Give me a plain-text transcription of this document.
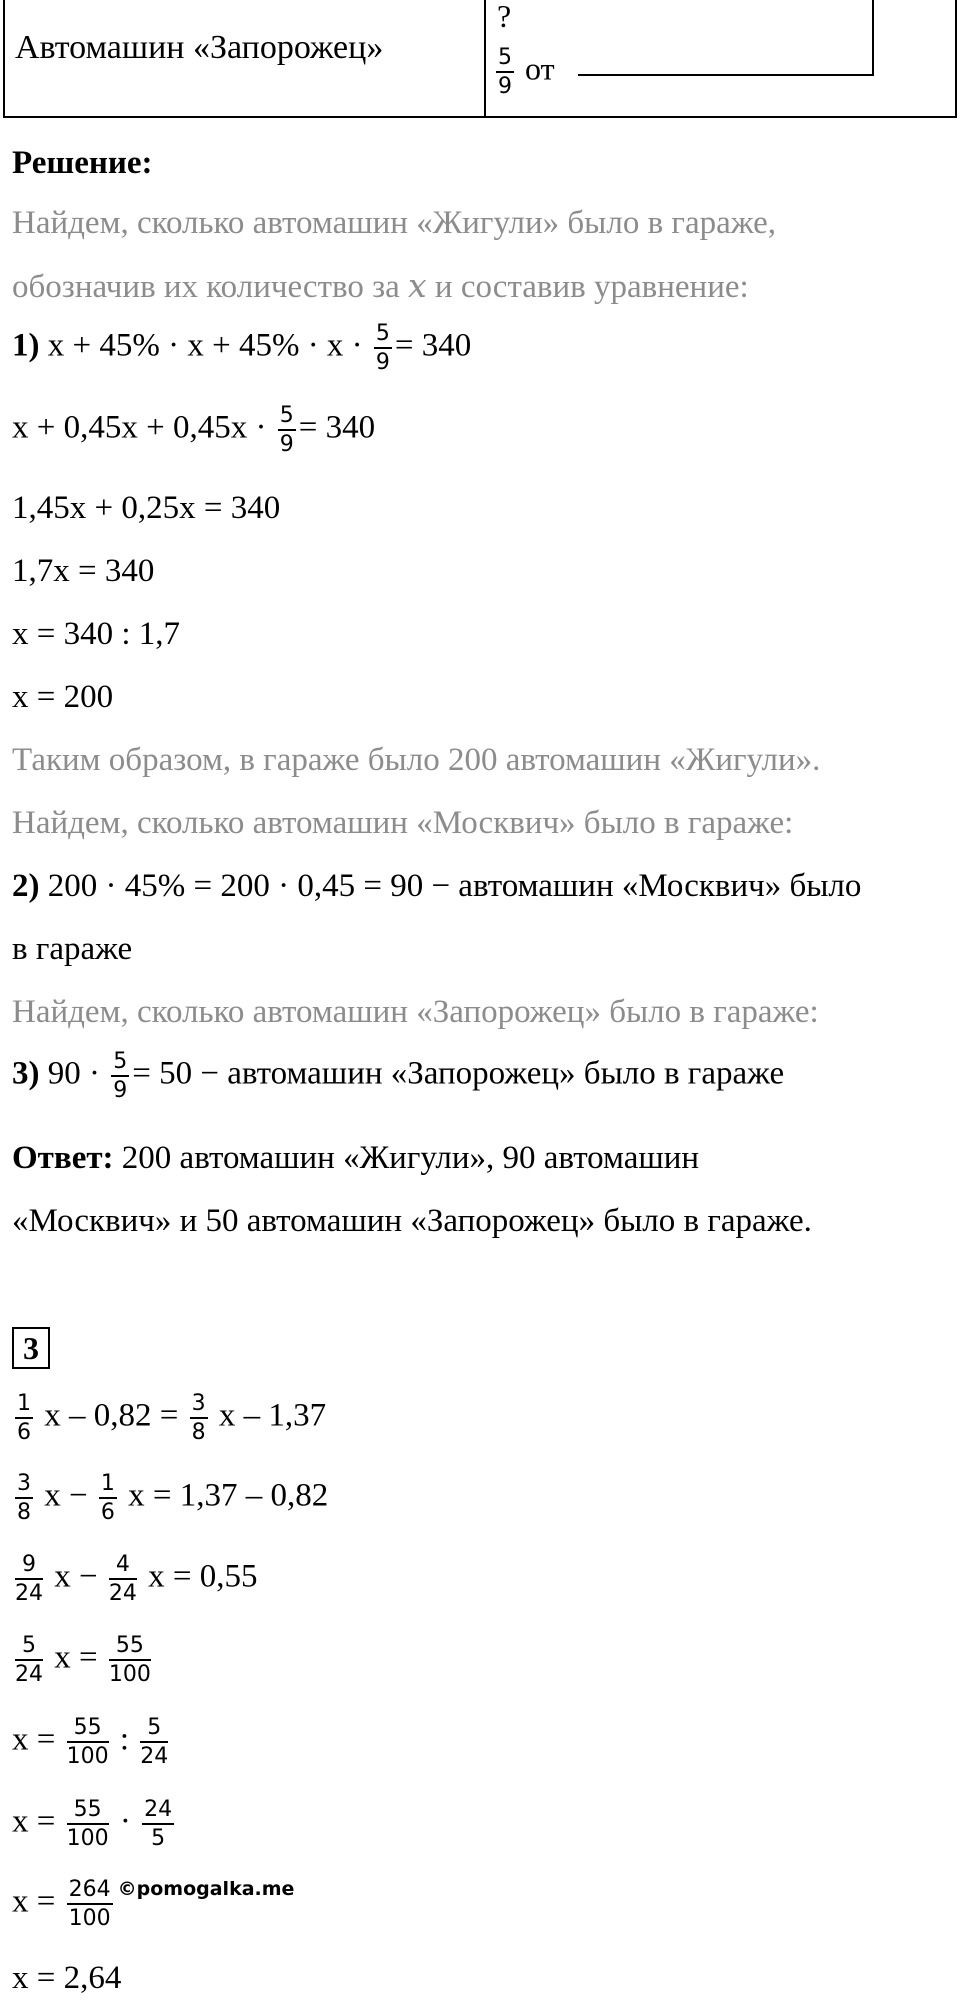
Автомашин «Запорожец»
?
$\frac{5}{9}$ от
Решение:
Найдем, сколько автомашин «Жигули» было в гараже,
обозначив их количество за x и составив уравнение:
1) $x + 45\% \cdot x + 45\% \cdot x \cdot \frac{5}{9} = 340$
$x + 0,45x + 0,45x \cdot \frac{5}{9} = 340$
1,45x + 0,25x = 340
1,7x = 340
x = 340 : 1,7
x = 200
Таким образом, в гараже было 200 автомашин «Жигули».
Найдем, сколько автомашин «Москвич» было в гараже:
2) 200 · 45% = 200 · 0,45 = 90 − автомашин «Москвич» было
в гараже
Найдем, сколько автомашин «Запорожец» было в гараже:
3) $90 \cdot \frac{5}{9} = 50$ − автомашин «Запорожец» было в гараже
Ответ: 200 автомашин «Жигули», 90 автомашин
«Москвич» и 50 автомашин «Запорожец» было в гараже.
3
$\frac{1}{6}$ $x - 0,82 = \frac{3}{8}$ x – 1,37
$\frac{3}{8}$ $x - \frac{1}{6}$ x = 1,37 – 0,82
$\frac{9}{24}$ $x - \frac{4}{24}$ x = 0,55
$\frac{5}{24}$ $x = \frac{55}{100}$
$x = \frac{55}{100}$ : $\frac{5}{24}$
$x = \frac{55}{100} \cdot \frac{24}{5}$
$x = \frac{264}{100} ^{©pomogalka.me}$
x = 2,64
